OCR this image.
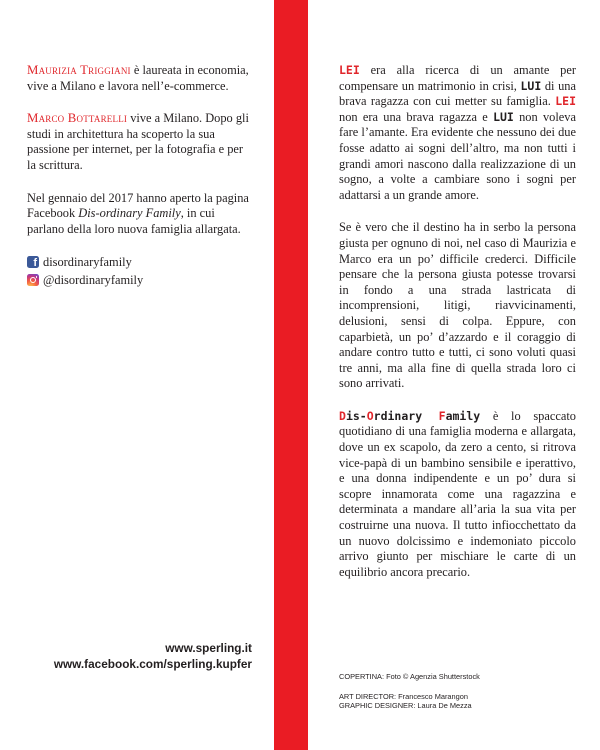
Maurizia Triggiani è laureata in economia, vive a Milano e lavora nell’e-commerce.

Marco Bottarelli vive a Milano. Dopo gli studi in architettura ha scoperto la sua passione per internet, per la fotografia e per la scrittura.

Nel gennaio del 2017 hanno aperto la pagina Facebook Dis-ordinary Family, in cui parlano della loro nuova famiglia allargata.

f disordinaryfamily
@disordinaryfamily

LEI era alla ricerca di un amante per compensare un matrimonio in crisi, LUI di una brava ragazza con cui metter su famiglia. LEI non era una brava ragazza e LUI non voleva fare l’amante. Era evidente che nessuno dei due fosse adatto ai sogni dell’altro, ma non tutti i grandi amori nascono dalla realizzazione di un sogno, a volte a cambiare sono i sogni per adattarsi a un grande amore.

Se è vero che il destino ha in serbo la persona giusta per ognuno di noi, nel caso di Maurizia e Marco era un po’ difficile crederci. Difficile pensare che la persona giusta potesse trovarsi in fondo a una strada lastricata di incomprensioni, litigi, riavvicinamenti, delusioni, sensi di colpa. Eppure, con caparbietà, un po’ d’azzardo e il coraggio di andare contro tutto e tutti, ci sono voluti quasi tre anni, ma alla fine di quella strada loro ci sono arrivati.

Dis-Ordinary Family è lo spaccato quotidiano di una famiglia moderna e allargata, dove un ex scapolo, da zero a cento, si ritrova vice-papà di un bambino sensibile e iperattivo, e una donna indipendente e un po’ dura si scopre innamorata come una ragazzina e determinata a mandare all’aria la sua vita per costruirne una nuova. Il tutto infiocchettato da un nuovo dolcissimo e indemoniato piccolo arrivo giunto per mischiare le carte di un equilibrio ancora precario.

www.sperling.it
www.facebook.com/sperling.kupfer
COPERTINA: Foto © Agenzia Shutterstock
ART DIRECTOR: Francesco Marangon
GRAPHIC DESIGNER: Laura De Mezza
